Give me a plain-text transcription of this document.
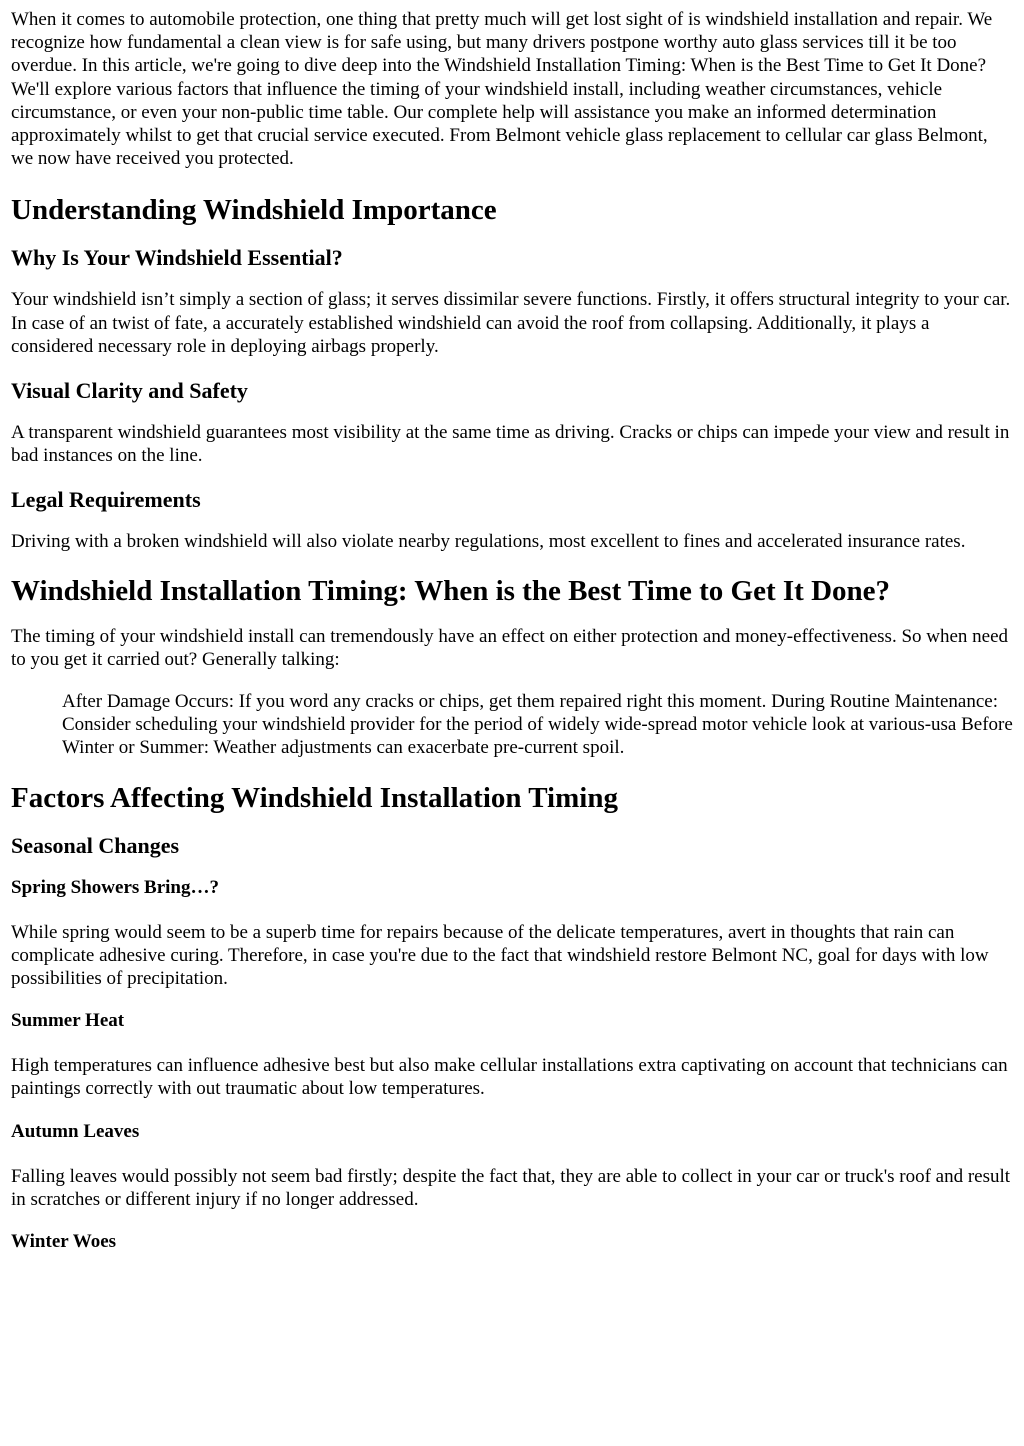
When it comes to automobile protection, one thing that pretty much will get lost sight of is windshield installation and repair. We recognize how fundamental a clean view is for safe using, but many drivers postpone worthy auto glass services till it be too overdue. In this article, we're going to dive deep into the Windshield Installation Timing: When is the Best Time to Get It Done? We'll explore various factors that influence the timing of your windshield install, including weather circumstances, vehicle circumstance, or even your non-public time table. Our complete help will assistance you make an informed determination approximately whilst to get that crucial service executed. From Belmont vehicle glass replacement to cellular car glass Belmont, we now have received you protected.

Understanding Windshield Importance
Why Is Your Windshield Essential?

Your windshield isn’t simply a section of glass; it serves dissimilar severe functions. Firstly, it offers structural integrity to your car. In case of an twist of fate, a accurately established windshield can avoid the roof from collapsing. Additionally, it plays a considered necessary role in deploying airbags properly.

Visual Clarity and Safety

A transparent windshield guarantees most visibility at the same time as driving. Cracks or chips can impede your view and result in bad instances on the line.

Legal Requirements

Driving with a broken windshield will also violate nearby regulations, most excellent to fines and accelerated insurance rates.

Windshield Installation Timing: When is the Best Time to Get It Done?

The timing of your windshield install can tremendously have an effect on either protection and money-effectiveness. So when need to you get it carried out? Generally talking:

After Damage Occurs: If you word any cracks or chips, get them repaired right this moment. During Routine Maintenance: Consider scheduling your windshield provider for the period of widely wide-spread motor vehicle look at various-usa Before Winter or Summer: Weather adjustments can exacerbate pre-current spoil.
Factors Affecting Windshield Installation Timing
Seasonal Changes
Spring Showers Bring…?

While spring would seem to be a superb time for repairs because of the delicate temperatures, avert in thoughts that rain can complicate adhesive curing. Therefore, in case you're due to the fact that windshield restore Belmont NC, goal for days with low possibilities of precipitation.

Summer Heat

High temperatures can influence adhesive best but also make cellular installations extra captivating on account that technicians can paintings correctly with out traumatic about low temperatures.

Autumn Leaves

Falling leaves would possibly not seem bad firstly; despite the fact that, they are able to collect in your car or truck's roof and result in scratches or different injury if no longer addressed.

Winter Woes
